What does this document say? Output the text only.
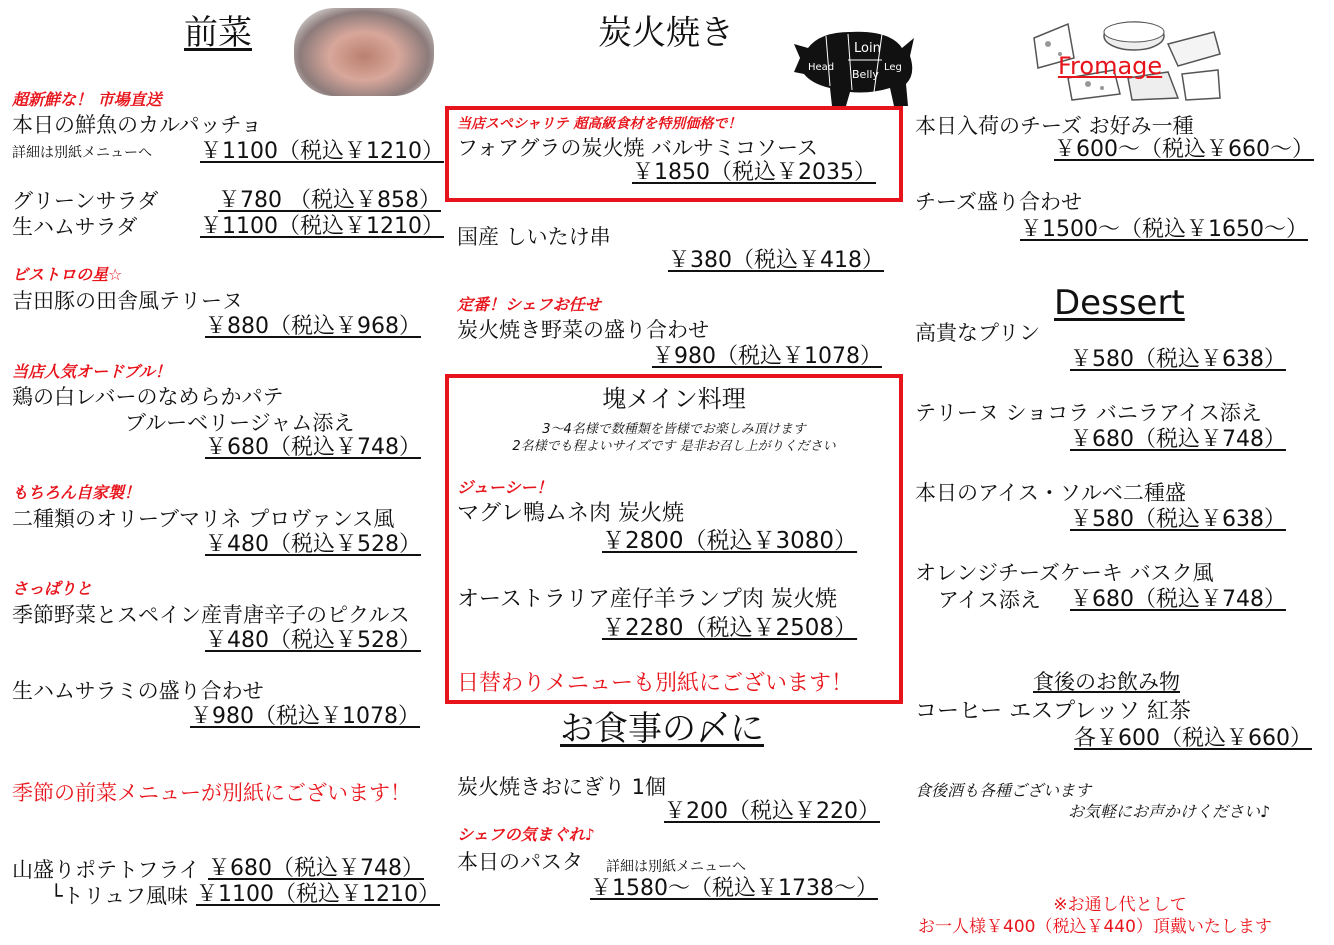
前菜
超新鮮な！ 市場直送
本日の鮮魚のカルパッチョ
詳細は別紙メニューへ ￥1100（税込￥1210）
グリーンサラダ	￥780 （税込￥858）
生ハムサラダ	￥1100（税込￥1210）
ビストロの星☆
吉田豚の田舎風テリーヌ
￥880（税込￥968）
当店人気オードブル！
鶏の白レバーのなめらかパテ
ブルーベリージャム添え
￥680（税込￥748）
もちろん自家製！
二種類のオリーブマリネ プロヴァンス風
￥480（税込￥528）
さっぱりと
季節野菜とスペイン産青唐辛子のピクルス
￥480（税込￥528）
生ハムサラミの盛り合わせ
￥980（税込￥1078）
季節の前菜メニューが別紙にございます！
山盛りポテトフライ ￥680（税込￥748）
└トリュフ風味 ￥1100（税込￥1210）
炭火焼き
Head
Loin
Belly
Leg
当店スペシャリテ 超高級食材を特別価格で！
フォアグラの炭火焼 バルサミコソース
￥1850（税込￥2035）
国産 しいたけ串
￥380（税込￥418）
定番！シェフお任せ
炭火焼き野菜の盛り合わせ
￥980（税込￥1078）
塊メイン料理
3～4名様で数種類を皆様でお楽しみ頂けます
2名様でも程よいサイズです 是非お召し上がりください
ジューシー！
マグレ鴨ムネ肉 炭火焼
￥2800（税込￥3080）
オーストラリア産仔羊ランプ肉 炭火焼
￥2280（税込￥2508）
日替わりメニューも別紙にございます！
お食事の〆に
炭火焼きおにぎり 1個
￥200（税込￥220）
シェフの気まぐれ♪
本日のパスタ 詳細は別紙メニューへ
￥1580～（税込￥1738～）
Fromage
本日入荷のチーズ お好み一種
￥600～（税込￥660～）
チーズ盛り合わせ
￥1500～（税込￥1650～）
Dessert
高貴なプリン
￥580（税込￥638）
テリーヌ ショコラ バニラアイス添え
￥680（税込￥748）
本日のアイス・ソルベ二種盛
￥580（税込￥638）
オレンジチーズケーキ バスク風
アイス添え ￥680（税込￥748）
食後のお飲み物
コーヒー エスプレッソ 紅茶
各￥600（税込￥660）
食後酒も各種ございます
お気軽にお声かけください♪
※お通し代として
お一人様￥400（税込￥440）頂戴いたします
